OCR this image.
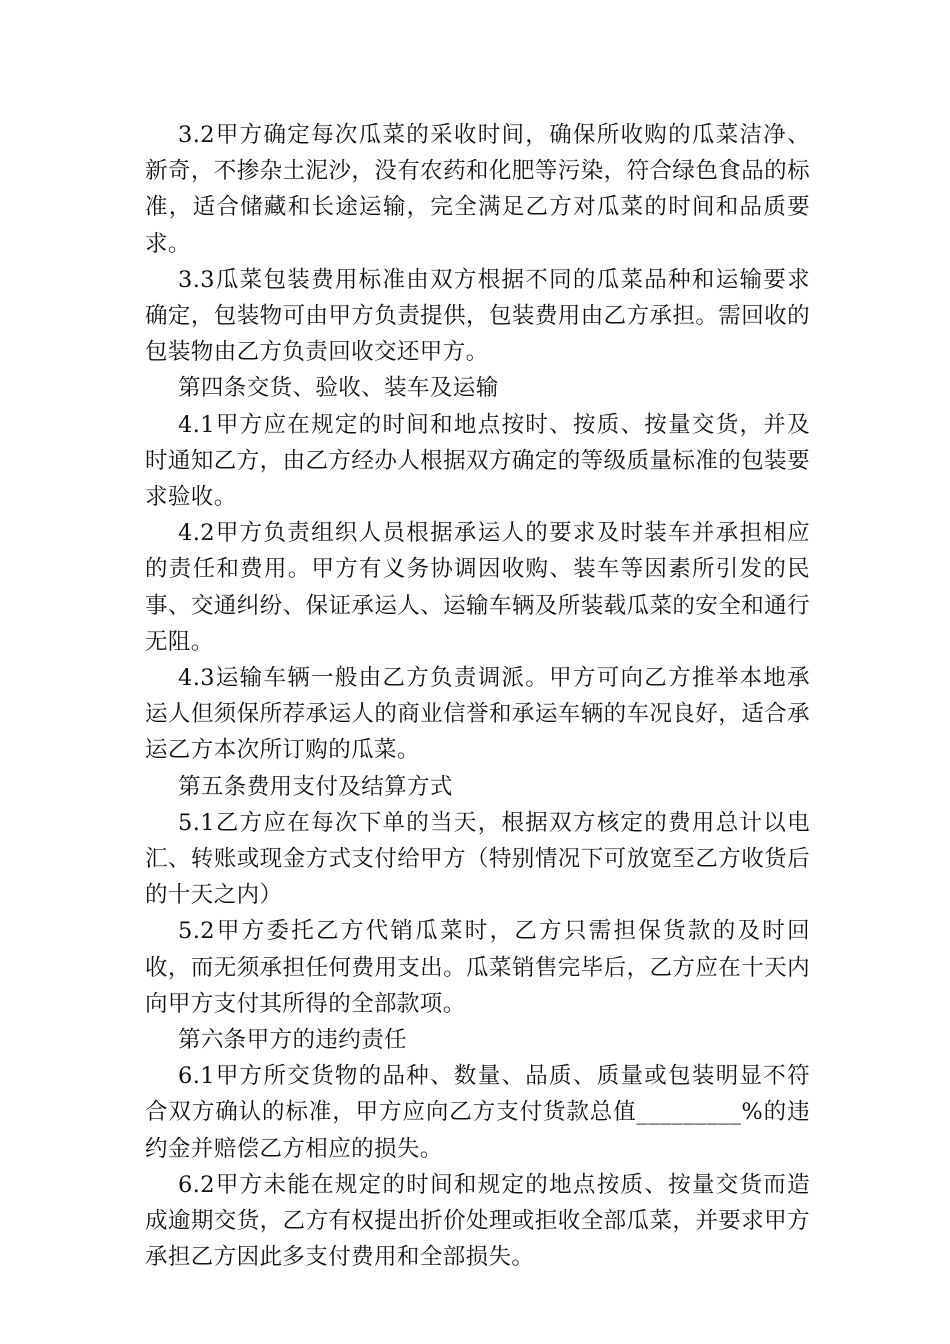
3.2甲方确定每次瓜菜的采收时间，确保所收购的瓜菜洁净、新奇，不掺杂土泥沙，没有农药和化肥等污染，符合绿色食品的标准，适合储藏和长途运输，完全满足乙方对瓜菜的时间和品质要求。

3.3瓜菜包装费用标准由双方根据不同的瓜菜品种和运输要求确定，包装物可由甲方负责提供，包装费用由乙方承担。需回收的包装物由乙方负责回收交还甲方。

第四条交货、验收、装车及运输

4.1甲方应在规定的时间和地点按时、按质、按量交货，并及时通知乙方，由乙方经办人根据双方确定的等级质量标准的包装要求验收。

4.2甲方负责组织人员根据承运人的要求及时装车并承担相应的责任和费用。甲方有义务协调因收购、装车等因素所引发的民事、交通纠纷、保证承运人、运输车辆及所装载瓜菜的安全和通行无阻。

4.3运输车辆一般由乙方负责调派。甲方可向乙方推举本地承运人但须保所荐承运人的商业信誉和承运车辆的车况良好，适合承运乙方本次所订购的瓜菜。

第五条费用支付及结算方式

5.1乙方应在每次下单的当天，根据双方核定的费用总计以电汇、转账或现金方式支付给甲方（特别情况下可放宽至乙方收货后的十天之内）

5.2甲方委托乙方代销瓜菜时，乙方只需担保货款的及时回收，而无须承担任何费用支出。瓜菜销售完毕后，乙方应在十天内向甲方支付其所得的全部款项。

第六条甲方的违约责任

6.1甲方所交货物的品种、数量、品质、质量或包装明显不符合双方确认的标准，甲方应向乙方支付货款总值_________%的违约金并赔偿乙方相应的损失。

6.2甲方未能在规定的时间和规定的地点按质、按量交货而造成逾期交货，乙方有权提出折价处理或拒收全部瓜菜，并要求甲方承担乙方因此多支付费用和全部损失。
